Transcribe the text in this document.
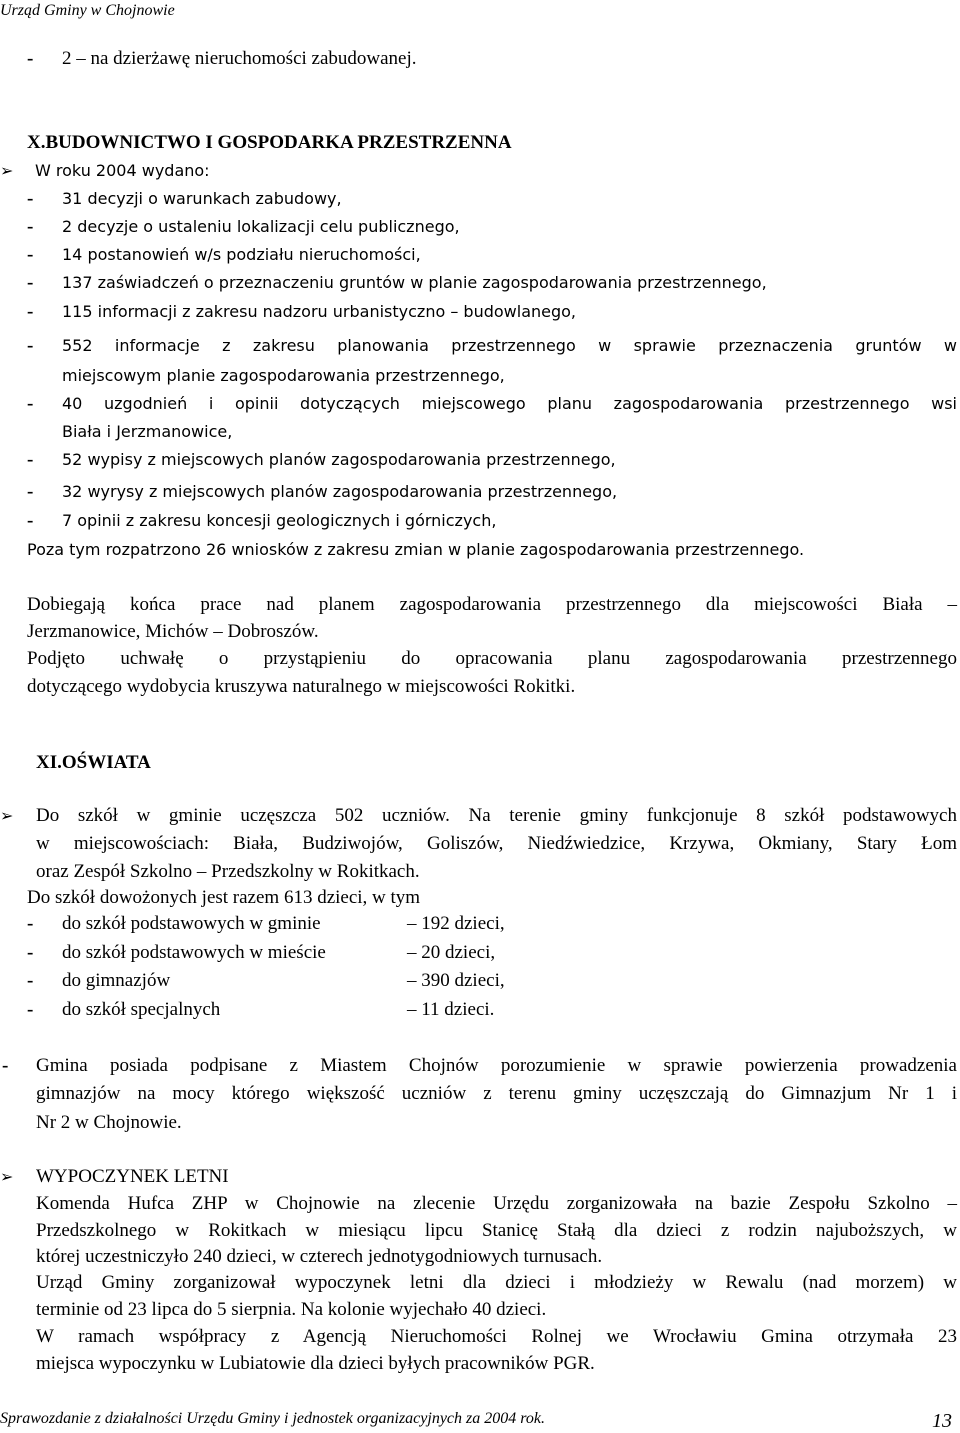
Urząd Gminy w Chojnowie
- 2 – na dzierżawę nieruchomości zabudowanej.
X.BUDOWNICTWO I GOSPODARKA PRZESTRZENNA
➢ W roku 2004 wydano:
- 31 decyzji o warunkach zabudowy,
- 2 decyzje o ustaleniu lokalizacji celu publicznego,
- 14 postanowień w/s podziału nieruchomości,
- 137 zaświadczeń o przeznaczeniu gruntów w planie zagospodarowania przestrzennego,
- 115 informacji z zakresu nadzoru urbanistyczno – budowlanego,
- 552 informacje z zakresu planowania przestrzennego w sprawie przeznaczenia gruntów w
miejscowym planie zagospodarowania przestrzennego,
- 40 uzgodnień i opinii dotyczących miejscowego planu zagospodarowania przestrzennego wsi
Biała i Jerzmanowice,
- 52 wypisy z miejscowych planów zagospodarowania przestrzennego,
- 32 wyrysy z miejscowych planów zagospodarowania przestrzennego,
- 7 opinii z zakresu koncesji geologicznych i górniczych,
Poza tym rozpatrzono 26 wniosków z zakresu zmian w planie zagospodarowania przestrzennego.
Dobiegają końca prace nad planem zagospodarowania przestrzennego dla miejscowości Biała –
Jerzmanowice, Michów – Dobroszów.
Podjęto uchwałę o przystąpieniu do opracowania planu zagospodarowania przestrzennego
dotyczącego wydobycia kruszywa naturalnego w miejscowości Rokitki.
XI.OŚWIATA
➢ Do szkół w gminie uczęszcza 502 uczniów. Na terenie gminy funkcjonuje 8 szkół podstawowych
w miejscowościach: Biała, Budziwojów, Goliszów, Niedźwiedzice, Krzywa, Okmiany, Stary Łom
oraz Zespół Szkolno – Przedszkolny w Rokitkach.
Do szkół dowożonych jest razem 613 dzieci, w tym
- do szkół podstawowych w gminie	– 192 dzieci,
- do szkół podstawowych w mieście	– 20 dzieci,
- do gimnazjów	– 390 dzieci,
- do szkół specjalnych	– 11 dzieci.
- Gmina posiada podpisane z Miastem Chojnów porozumienie w sprawie powierzenia prowadzenia
gimnazjów na mocy którego większość uczniów z terenu gminy uczęszczają do Gimnazjum Nr 1 i
Nr 2 w Chojnowie.
➢ WYPOCZYNEK LETNI
Komenda Hufca ZHP w Chojnowie na zlecenie Urzędu zorganizowała na bazie Zespołu Szkolno –
Przedszkolnego w Rokitkach w miesiącu lipcu Stanicę Stałą dla dzieci z rodzin najuboższych, w
której uczestniczyło 240 dzieci, w czterech jednotygodniowych turnusach.
Urząd Gminy zorganizował wypoczynek letni dla dzieci i młodzieży w Rewalu (nad morzem) w
terminie od 23 lipca do 5 sierpnia. Na kolonie wyjechało 40 dzieci.
W ramach współpracy z Agencją Nieruchomości Rolnej we Wrocławiu Gmina otrzymała 23
miejsca wypoczynku w Lubiatowie dla dzieci byłych pracowników PGR.
Sprawozdanie z działalności Urzędu Gminy i jednostek organizacyjnych za 2004 rok.	13
